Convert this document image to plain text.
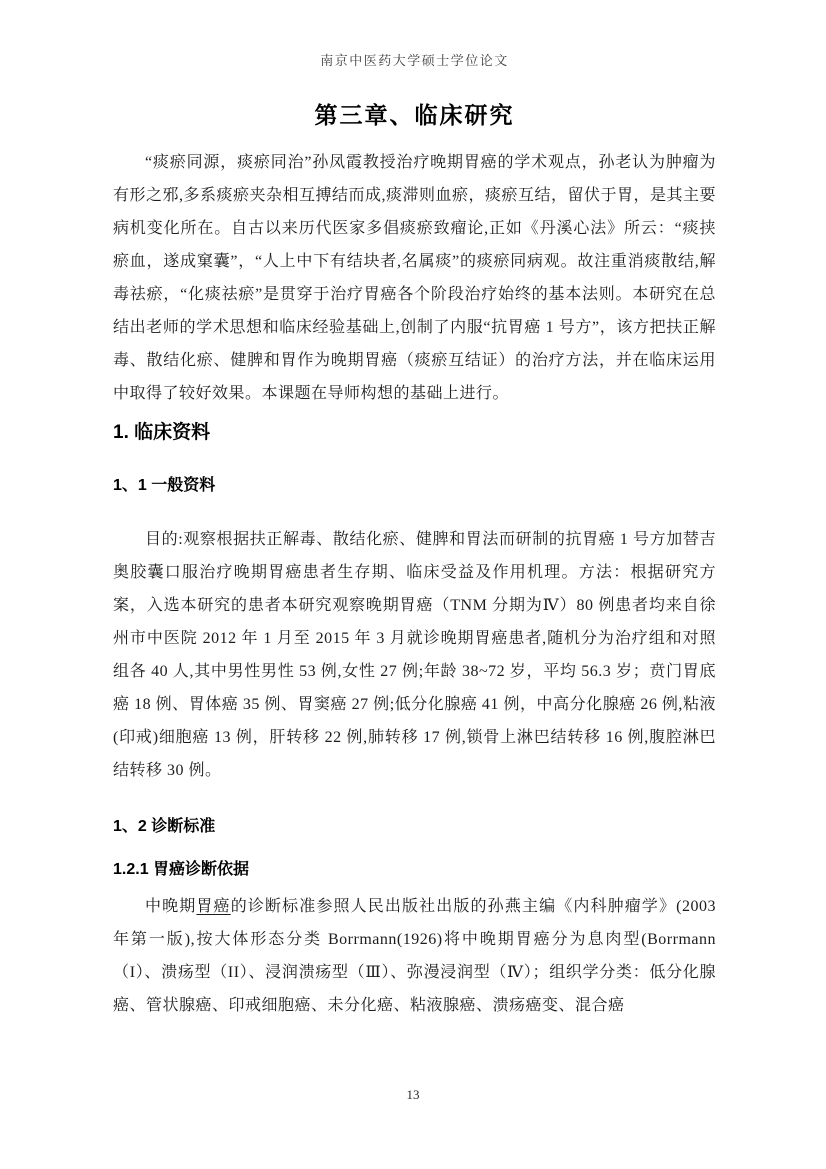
南京中医药大学硕士学位论文
第三章、临床研究

“痰瘀同源，痰瘀同治”孙凤霞教授治疗晚期胃癌的学术观点，孙老认为肿瘤为有形之邪,多系痰瘀夹杂相互搏结而成,痰滞则血瘀，痰瘀互结，留伏于胃，是其主要病机变化所在。自古以来历代医家多倡痰瘀致瘤论,正如《丹溪心法》所云：“痰挟瘀血，遂成窠囊”，“人上中下有结块者,名属痰”的痰瘀同病观。故注重消痰散结,解毒祛瘀，“化痰祛瘀”是贯穿于治疗胃癌各个阶段治疗始终的基本法则。本研究在总结出老师的学术思想和临床经验基础上,创制了内服“抗胃癌 1 号方”，该方把扶正解毒、散结化瘀、健脾和胃作为晚期胃癌（痰瘀互结证）的治疗方法，并在临床运用中取得了较好效果。本课题在导师构想的基础上进行。

1. 临床资料
1、1 一般资料

目的:观察根据扶正解毒、散结化瘀、健脾和胃法而研制的抗胃癌 1 号方加替吉奥胶囊口服治疗晚期胃癌患者生存期、临床受益及作用机理。方法：根据研究方案，入选本研究的患者本研究观察晚期胃癌（TNM 分期为Ⅳ）80 例患者均来自徐州市中医院 2012 年 1 月至 2015 年 3 月就诊晚期胃癌患者,随机分为治疗组和对照组各 40 人,其中男性男性 53 例,女性 27 例;年龄 38~72 岁，平均 56.3 岁；贲门胃底癌 18 例、胃体癌 35 例、胃窦癌 27 例;低分化腺癌 41 例，中高分化腺癌 26 例,粘液(印戒)细胞癌 13 例，肝转移 22 例,肺转移 17 例,锁骨上淋巴结转移 16 例,腹腔淋巴结转移 30 例。

1、2 诊断标准
1.2.1 胃癌诊断依据

中晚期胃癌的诊断标准参照人民出版社出版的孙燕主编《内科肿瘤学》(2003 年第一版),按大体形态分类 Borrmann(1926)将中晚期胃癌分为息肉型(Borrmann（I）、溃疡型（II）、浸润溃疡型（Ⅲ）、弥漫浸润型（Ⅳ）；组织学分类：低分化腺癌、管状腺癌、印戒细胞癌、未分化癌、粘液腺癌、溃疡癌变、混合癌

13
